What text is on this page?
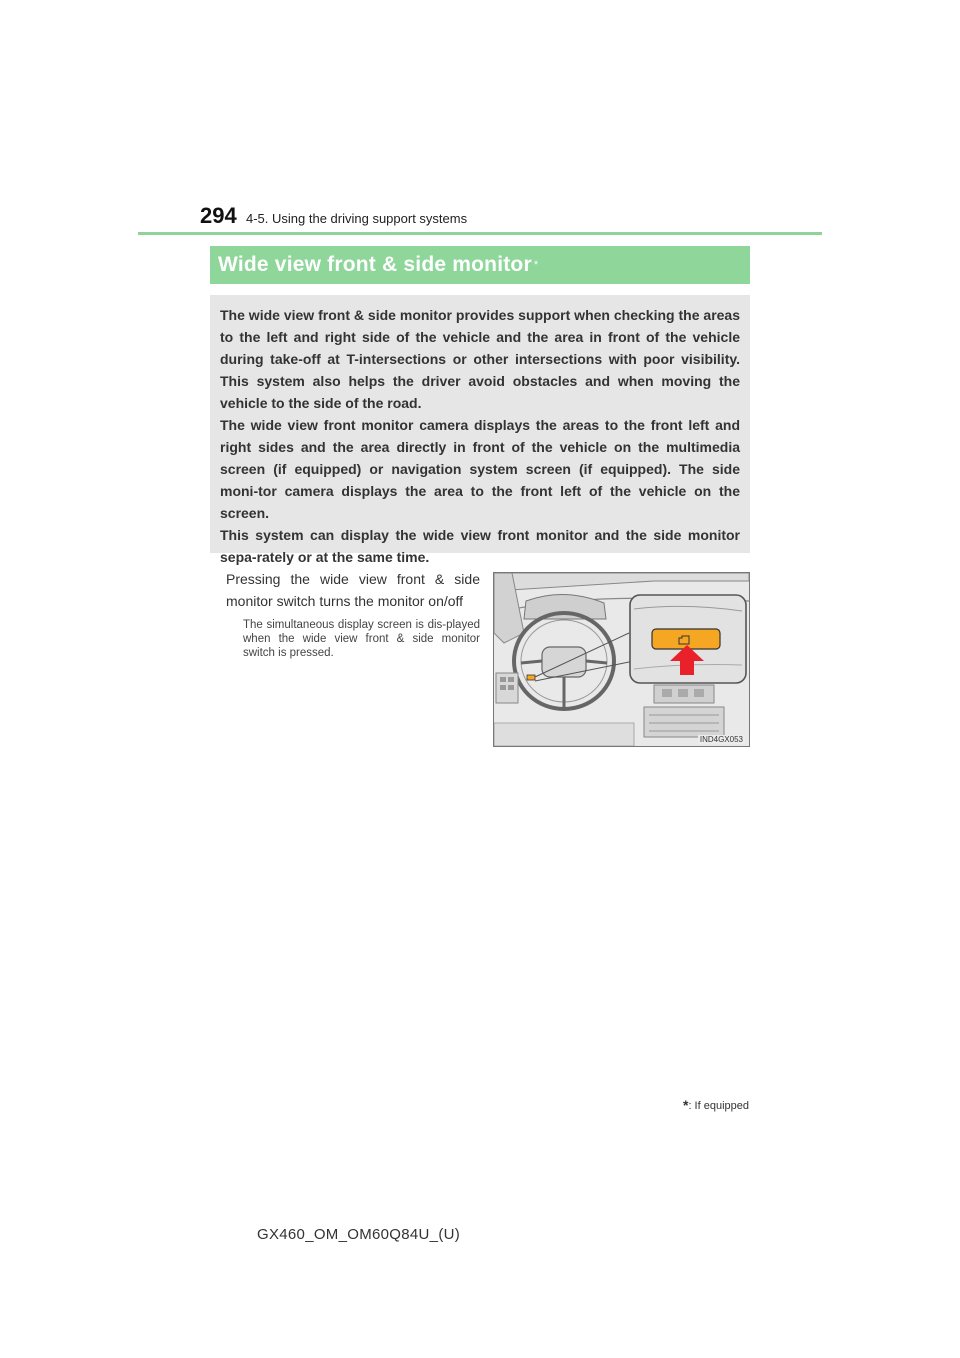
294 4-5. Using the driving support systems
Wide view front & side monitor *

The wide view front & side monitor provides support when checking the areas to the left and right side of the vehicle and the area in front of the vehicle during take-off at T-intersections or other intersections with poor visibility. This system also helps the driver avoid obstacles and when moving the vehicle to the side of the road.

The wide view front monitor camera displays the areas to the front left and right sides and the area directly in front of the vehicle on the multimedia screen (if equipped) or navigation system screen (if equipped). The side moni-tor camera displays the area to the front left of the vehicle on the screen.

This system can display the wide view front monitor and the side monitor sepa-rately or at the same time.

Pressing the wide view front & side monitor switch turns the monitor on/off
The simultaneous display screen is dis-played when the wide view front & side monitor switch is pressed.
IND4GX053
*: If equipped
GX460_OM_OM60Q84U_(U)
